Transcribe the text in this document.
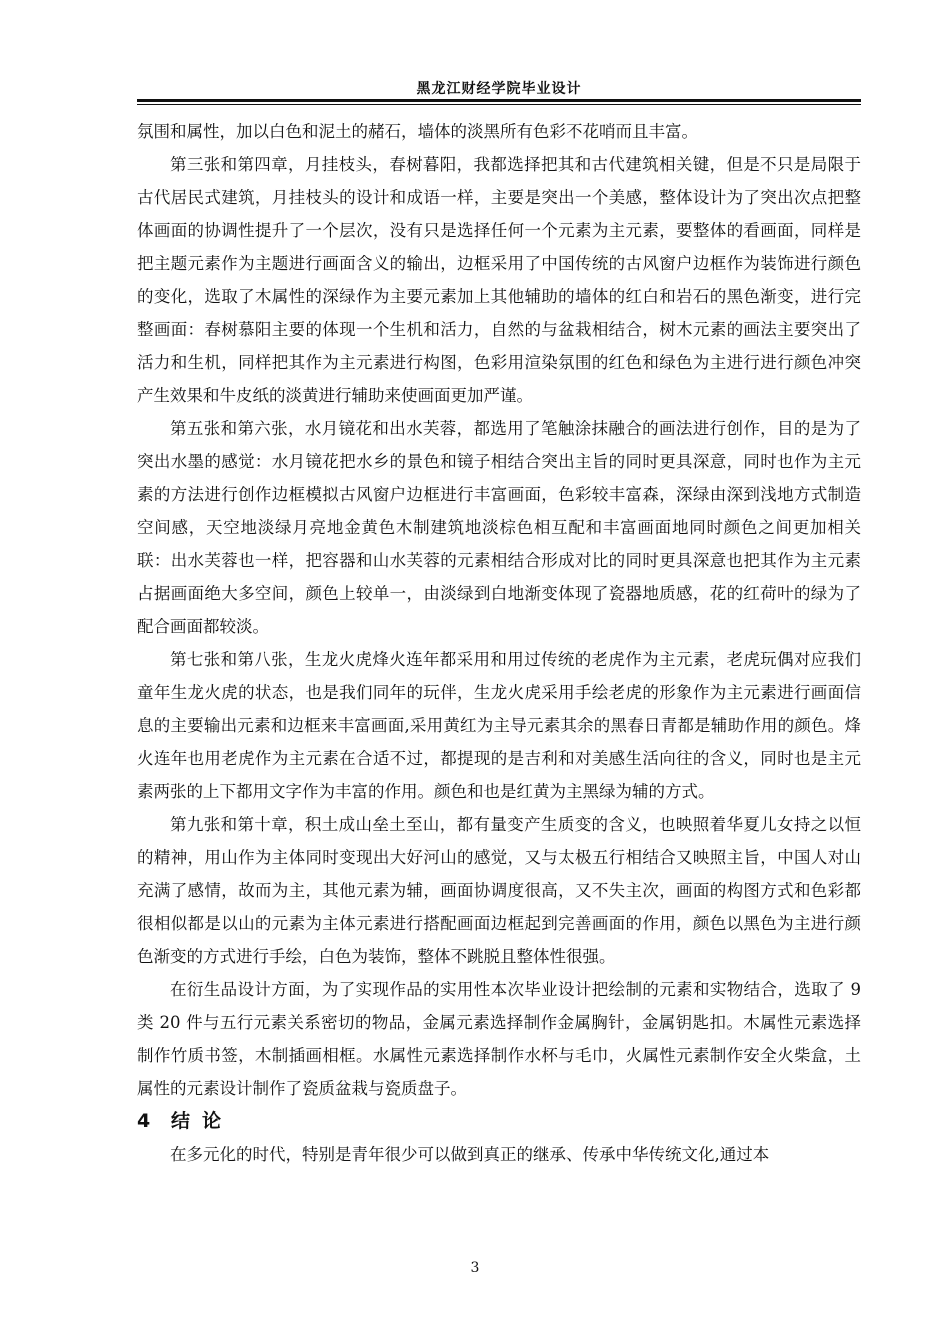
黑龙江财经学院毕业设计

氛围和属性，加以白色和泥土的赭石，墙体的淡黑所有色彩不花哨而且丰富。

第三张和第四章，月挂枝头，春树暮阳，我都选择把其和古代建筑相关键，但是不只是局限于古代居民式建筑，月挂枝头的设计和成语一样，主要是突出一个美感，整体设计为了突出次点把整体画面的协调性提升了一个层次，没有只是选择任何一个元素为主元素，要整体的看画面，同样是把主题元素作为主题进行画面含义的输出，边框采用了中国传统的古风窗户边框作为装饰进行颜色的变化，选取了木属性的深绿作为主要元素加上其他辅助的墙体的红白和岩石的黑色渐变，进行完整画面：春树慕阳主要的体现一个生机和活力，自然的与盆栽相结合，树木元素的画法主要突出了活力和生机，同样把其作为主元素进行构图，色彩用渲染氛围的红色和绿色为主进行进行颜色冲突产生效果和牛皮纸的淡黄进行辅助来使画面更加严谨。

第五张和第六张，水月镜花和出水芙蓉，都选用了笔触涂抹融合的画法进行创作，目的是为了突出水墨的感觉：水月镜花把水乡的景色和镜子相结合突出主旨的同时更具深意，同时也作为主元素的方法进行创作边框模拟古风窗户边框进行丰富画面，色彩较丰富森，深绿由深到浅地方式制造空间感，天空地淡绿月亮地金黄色木制建筑地淡棕色相互配和丰富画面地同时颜色之间更加相关联：出水芙蓉也一样，把容器和山水芙蓉的元素相结合形成对比的同时更具深意也把其作为主元素占据画面绝大多空间，颜色上较单一，由淡绿到白地渐变体现了瓷器地质感，花的红荷叶的绿为了配合画面都较淡。

第七张和第八张，生龙火虎烽火连年都采用和用过传统的老虎作为主元素，老虎玩偶对应我们童年生龙火虎的状态，也是我们同年的玩伴，生龙火虎采用手绘老虎的形象作为主元素进行画面信息的主要输出元素和边框来丰富画面,采用黄红为主导元素其余的黑春日青都是辅助作用的颜色。烽火连年也用老虎作为主元素在合适不过，都提现的是吉利和对美感生活向往的含义，同时也是主元素两张的上下都用文字作为丰富的作用。颜色和也是红黄为主黑绿为辅的方式。

第九张和第十章，积土成山垒土至山，都有量变产生质变的含义，也映照着华夏儿女持之以恒的精神，用山作为主体同时变现出大好河山的感觉，又与太极五行相结合又映照主旨，中国人对山充满了感情，故而为主，其他元素为辅，画面协调度很高，又不失主次，画面的构图方式和色彩都很相似都是以山的元素为主体元素进行搭配画面边框起到完善画面的作用，颜色以黑色为主进行颜色渐变的方式进行手绘，白色为装饰，整体不跳脱且整体性很强。

在衍生品设计方面，为了实现作品的实用性本次毕业设计把绘制的元素和实物结合，选取了 9 类 20 件与五行元素关系密切的物品，金属元素选择制作金属胸针，金属钥匙扣。木属性元素选择制作竹质书签，木制插画相框。水属性元素选择制作水杯与毛巾，火属性元素制作安全火柴盒，土属性的元素设计制作了瓷质盆栽与瓷质盘子。

4 结论

在多元化的时代，特别是青年很少可以做到真正的继承、传承中华传统文化,通过本

3
